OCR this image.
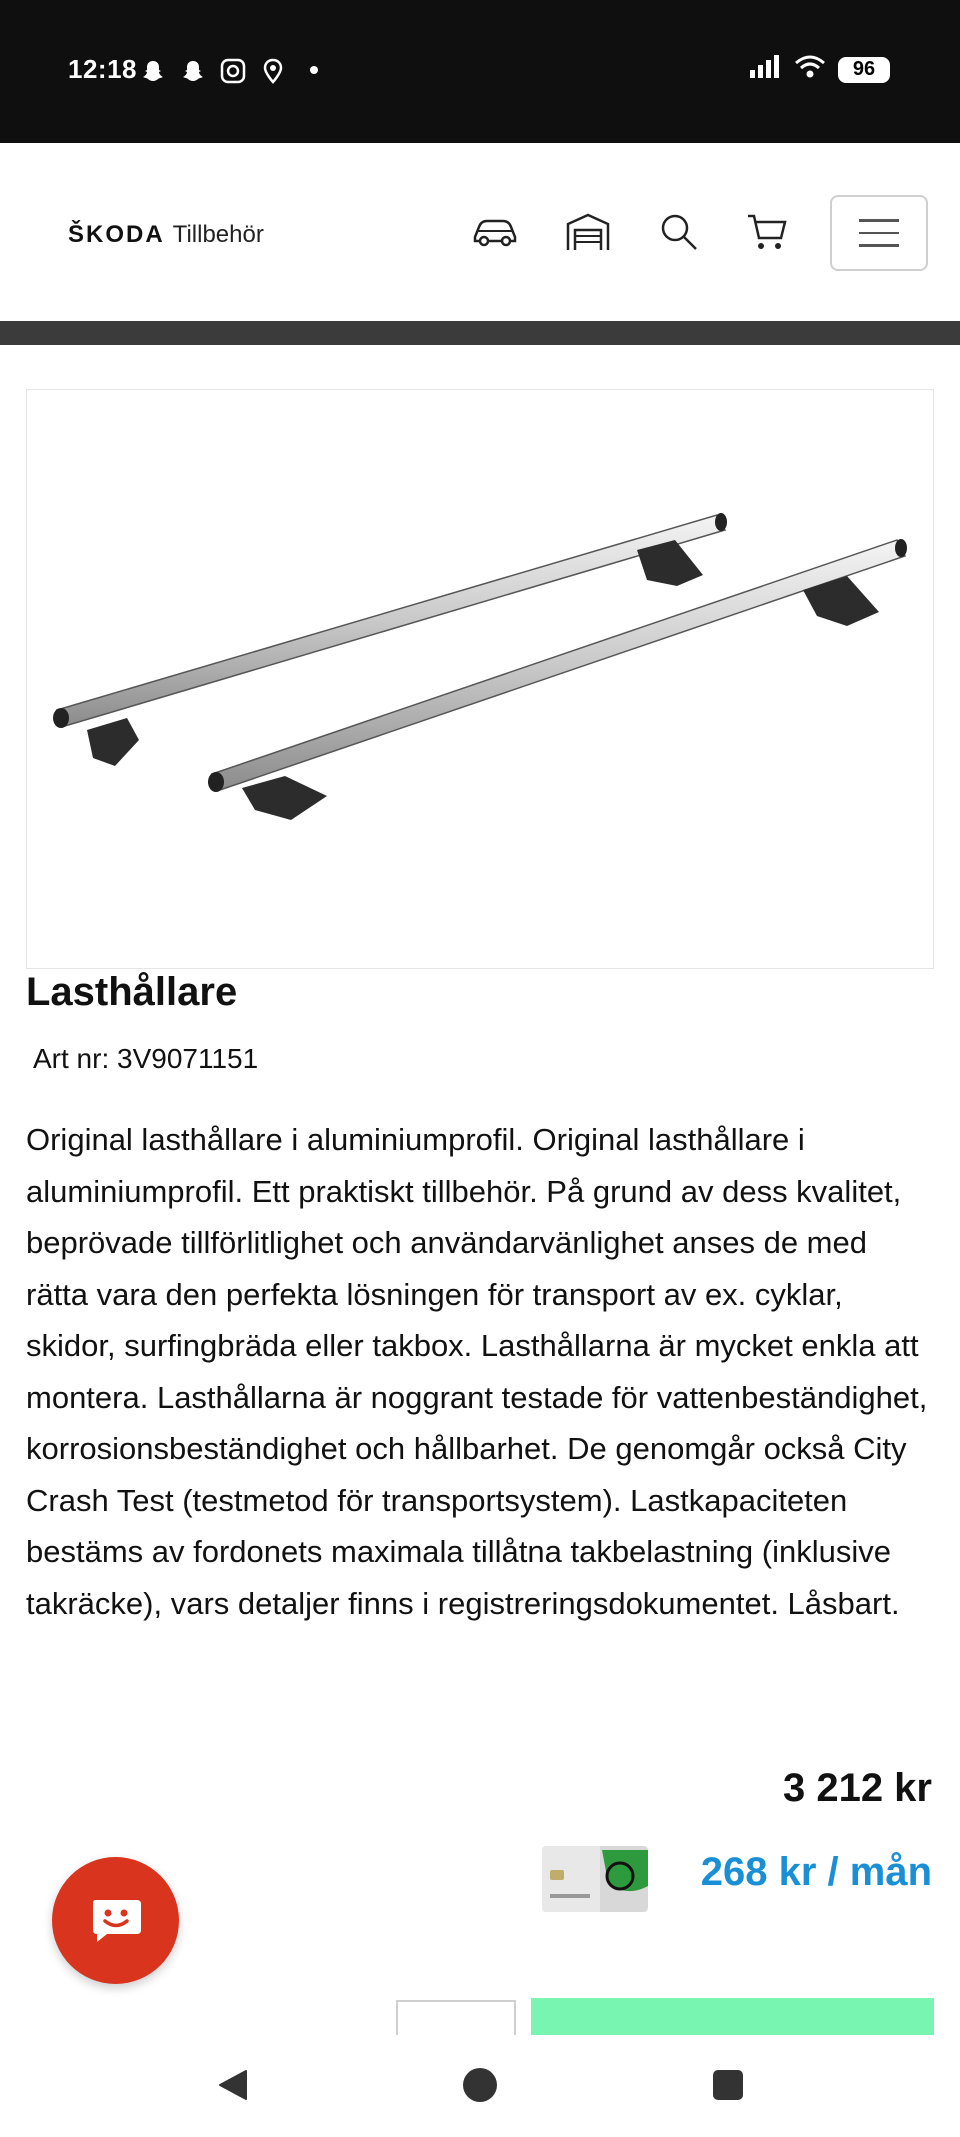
12:18	96
ŠKODA Tillbehör
Lasthållare
Art nr: 3V9071151
Original lasthållare i aluminiumprofil. Original lasthållare i aluminiumprofil. Ett praktiskt tillbehör. På grund av dess kvalitet, beprövade tillförlitlighet och användarvänlighet anses de med rätta vara den perfekta lösningen för transport av ex. cyklar, skidor, surfingbräda eller takbox. Lasthållarna är mycket enkla att montera. Lasthållarna är noggrant testade för vattenbeständighet, korrosionsbeständighet och hållbarhet. De genomgår också City Crash Test (testmetod för transportsystem). Lastkapaciteten bestäms av fordonets maximala tillåtna takbelastning (inklusive takräcke), vars detaljer finns i registreringsdokumentet. Låsbart.
3 212 kr
268 kr / mån
